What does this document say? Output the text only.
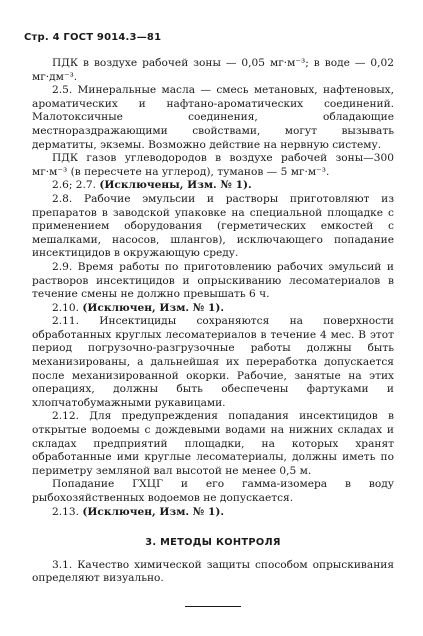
Стр. 4 ГОСТ 9014.3—81

ПДК в воздухе рабочей зоны — 0,05 мг·м⁻³; в воде — 0,02 мг·дм⁻³.

2.5. Минеральные масла — смесь метановых, нафтеновых, ароматических и нафтано-ароматических соединений. Малотоксичные соединения, обладающие местнораздражающими свойствами, могут вызывать дерматиты, экземы. Возможно действие на нервную систему.

ПДК газов углеводородов в воздухе рабочей зоны—300 мг·м⁻³ (в пересчете на углерод), туманов — 5 мг·м⁻³.

2.6; 2.7. (Исключены, Изм. № 1).

2.8. Рабочие эмульсии и растворы приготовляют из препаратов в заводской упаковке на специальной площадке с применением оборудования (герметических емкостей с мешалками, насосов, шлангов), исключающего попадание инсектицидов в окружающую среду.

2.9. Время работы по приготовлению рабочих эмульсий и растворов инсектицидов и опрыскиванию лесоматериалов в течение смены не должно превышать 6 ч.

2.10. (Исключен, Изм. № 1).

2.11. Инсектициды сохраняются на поверхности обработанных круглых лесоматериалов в течение 4 мес. В этот период погрузочно-разгрузочные работы должны быть механизированы, а дальнейшая их переработка допускается после механизированной окорки. Рабочие, занятые на этих операциях, должны быть обеспечены фартуками и хлопчатобумажными рукавицами.

2.12. Для предупреждения попадания инсектицидов в открытые водоемы с дождевыми водами на нижних складах и складах предприятий площадки, на которых хранят обработанные ими круглые лесоматериалы, должны иметь по периметру земляной вал высотой не менее 0,5 м.

Попадание ГХЦГ и его гамма-изомера в воду рыбохозяйственных водоемов не допускается.

2.13. (Исключен, Изм. № 1).

3. МЕТОДЫ КОНТРОЛЯ

3.1. Качество химической защиты способом опрыскивания определяют визуально.
